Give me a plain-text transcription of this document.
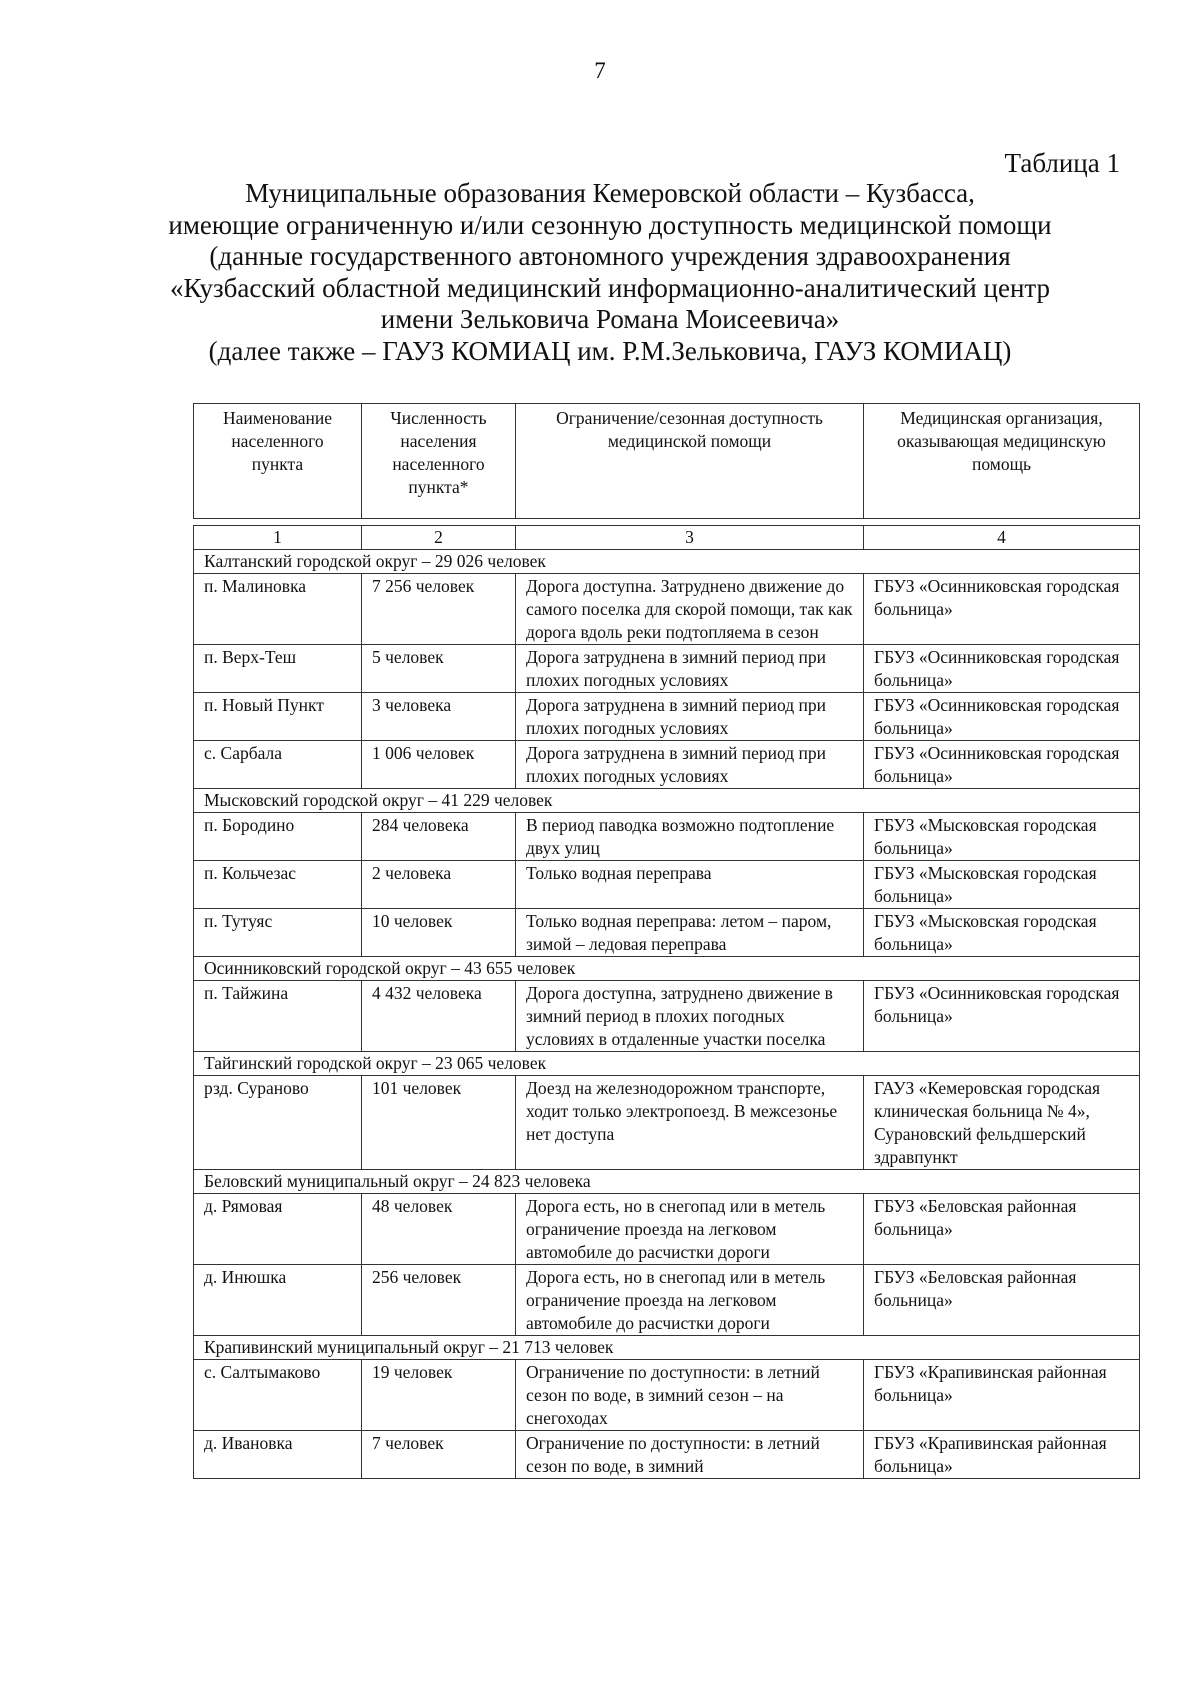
7
Таблица 1
Муниципальные образования Кемеровской области – Кузбасса,
имеющие ограниченную и/или сезонную доступность медицинской помощи
(данные государственного автономного учреждения здравоохранения
«Кузбасский областной медицинский информационно-аналитический центр
имени Зельковича Романа Моисеевича»
(далее также – ГАУЗ КОМИАЦ им. Р.М.Зельковича, ГАУЗ КОМИАЦ)
Наименование населенного пункта	Численность населения населенного пункта*	Ограничение/сезонная доступность медицинской помощи	Медицинская организация, оказывающая медицинскую помощь

1	2	3	4
Калтанский городской округ – 29 026 человек			
п. Малиновка	7 256 человек	Дорога доступна. Затруднено движение до самого поселка для скорой помощи, так как дорога вдоль реки подтопляема в сезон	ГБУЗ «Осинниковская городская больница»
п. Верх-Теш	5 человек	Дорога затруднена в зимний период при плохих погодных условиях	ГБУЗ «Осинниковская городская больница»
п. Новый Пункт	3 человека	Дорога затруднена в зимний период при плохих погодных условиях	ГБУЗ «Осинниковская городская больница»
с. Сарбала	1 006 человек	Дорога затруднена в зимний период при плохих погодных условиях	ГБУЗ «Осинниковская городская больница»
Мысковский городской округ – 41 229 человек			
п. Бородино	284 человека	В период паводка возможно подтопление двух улиц	ГБУЗ «Мысковская городская больница»
п. Кольчезас	2 человека	Только водная переправа	ГБУЗ «Мысковская городская больница»
п. Тутуяс	10 человек	Только водная переправа: летом – паром, зимой – ледовая переправа	ГБУЗ «Мысковская городская больница»
Осинниковский городской округ – 43 655 человек			
п. Тайжина	4 432 человека	Дорога доступна, затруднено движение в зимний период в плохих погодных условиях в отдаленные участки поселка	ГБУЗ «Осинниковская городская больница»
Тайгинский городской округ – 23 065 человек			
рзд. Сураново	101 человек	Доезд на железнодорожном транспорте, ходит только электропоезд. В межсезонье нет доступа	ГАУЗ «Кемеровская городская клиническая больница № 4», Сурановский фельдшерский здравпункт
Беловский муниципальный округ – 24 823 человека			
д. Рямовая	48 человек	Дорога есть, но в снегопад или в метель ограничение проезда на легковом автомобиле до расчистки дороги	ГБУЗ «Беловская районная больница»
д. Инюшка	256 человек	Дорога есть, но в снегопад или в метель ограничение проезда на легковом автомобиле до расчистки дороги	ГБУЗ «Беловская районная больница»
Крапивинский муниципальный округ – 21 713 человек			
с. Салтымаково	19 человек	Ограничение по доступности: в летний сезон по воде, в зимний сезон – на снегоходах	ГБУЗ «Крапивинская районная больница»
д. Ивановка	7 человек	Ограничение по доступности: в летний сезон по воде, в зимний	ГБУЗ «Крапивинская районная больница»
